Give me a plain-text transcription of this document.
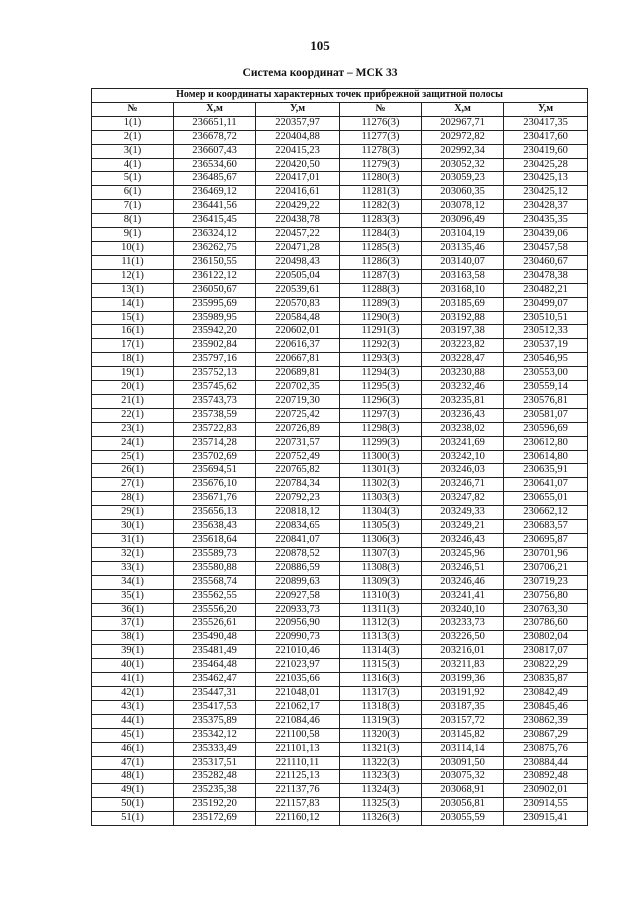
105
Система координат – МСК 33
Номер и координаты характерных точек прибрежной защитной полосы					
№	X,м	У,м	№	X,м	У,м
1(1)	236651,11	220357,97	11276(3)	202967,71	230417,35
2(1)	236678,72	220404,88	11277(3)	202972,82	230417,60
3(1)	236607,43	220415,23	11278(3)	202992,34	230419,60
4(1)	236534,60	220420,50	11279(3)	203052,32	230425,28
5(1)	236485,67	220417,01	11280(3)	203059,23	230425,13
6(1)	236469,12	220416,61	11281(3)	203060,35	230425,12
7(1)	236441,56	220429,22	11282(3)	203078,12	230428,37
8(1)	236415,45	220438,78	11283(3)	203096,49	230435,35
9(1)	236324,12	220457,22	11284(3)	203104,19	230439,06
10(1)	236262,75	220471,28	11285(3)	203135,46	230457,58
11(1)	236150,55	220498,43	11286(3)	203140,07	230460,67
12(1)	236122,12	220505,04	11287(3)	203163,58	230478,38
13(1)	236050,67	220539,61	11288(3)	203168,10	230482,21
14(1)	235995,69	220570,83	11289(3)	203185,69	230499,07
15(1)	235989,95	220584,48	11290(3)	203192,88	230510,51
16(1)	235942,20	220602,01	11291(3)	203197,38	230512,33
17(1)	235902,84	220616,37	11292(3)	203223,82	230537,19
18(1)	235797,16	220667,81	11293(3)	203228,47	230546,95
19(1)	235752,13	220689,81	11294(3)	203230,88	230553,00
20(1)	235745,62	220702,35	11295(3)	203232,46	230559,14
21(1)	235743,73	220719,30	11296(3)	203235,81	230576,81
22(1)	235738,59	220725,42	11297(3)	203236,43	230581,07
23(1)	235722,83	220726,89	11298(3)	203238,02	230596,69
24(1)	235714,28	220731,57	11299(3)	203241,69	230612,80
25(1)	235702,69	220752,49	11300(3)	203242,10	230614,80
26(1)	235694,51	220765,82	11301(3)	203246,03	230635,91
27(1)	235676,10	220784,34	11302(3)	203246,71	230641,07
28(1)	235671,76	220792,23	11303(3)	203247,82	230655,01
29(1)	235656,13	220818,12	11304(3)	203249,33	230662,12
30(1)	235638,43	220834,65	11305(3)	203249,21	230683,57
31(1)	235618,64	220841,07	11306(3)	203246,43	230695,87
32(1)	235589,73	220878,52	11307(3)	203245,96	230701,96
33(1)	235580,88	220886,59	11308(3)	203246,51	230706,21
34(1)	235568,74	220899,63	11309(3)	203246,46	230719,23
35(1)	235562,55	220927,58	11310(3)	203241,41	230756,80
36(1)	235556,20	220933,73	11311(3)	203240,10	230763,30
37(1)	235526,61	220956,90	11312(3)	203233,73	230786,60
38(1)	235490,48	220990,73	11313(3)	203226,50	230802,04
39(1)	235481,49	221010,46	11314(3)	203216,01	230817,07
40(1)	235464,48	221023,97	11315(3)	203211,83	230822,29
41(1)	235462,47	221035,66	11316(3)	203199,36	230835,87
42(1)	235447,31	221048,01	11317(3)	203191,92	230842,49
43(1)	235417,53	221062,17	11318(3)	203187,35	230845,46
44(1)	235375,89	221084,46	11319(3)	203157,72	230862,39
45(1)	235342,12	221100,58	11320(3)	203145,82	230867,29
46(1)	235333,49	221101,13	11321(3)	203114,14	230875,76
47(1)	235317,51	221110,11	11322(3)	203091,50	230884,44
48(1)	235282,48	221125,13	11323(3)	203075,32	230892,48
49(1)	235235,38	221137,76	11324(3)	203068,91	230902,01
50(1)	235192,20	221157,83	11325(3)	203056,81	230914,55
51(1)	235172,69	221160,12	11326(3)	203055,59	230915,41
